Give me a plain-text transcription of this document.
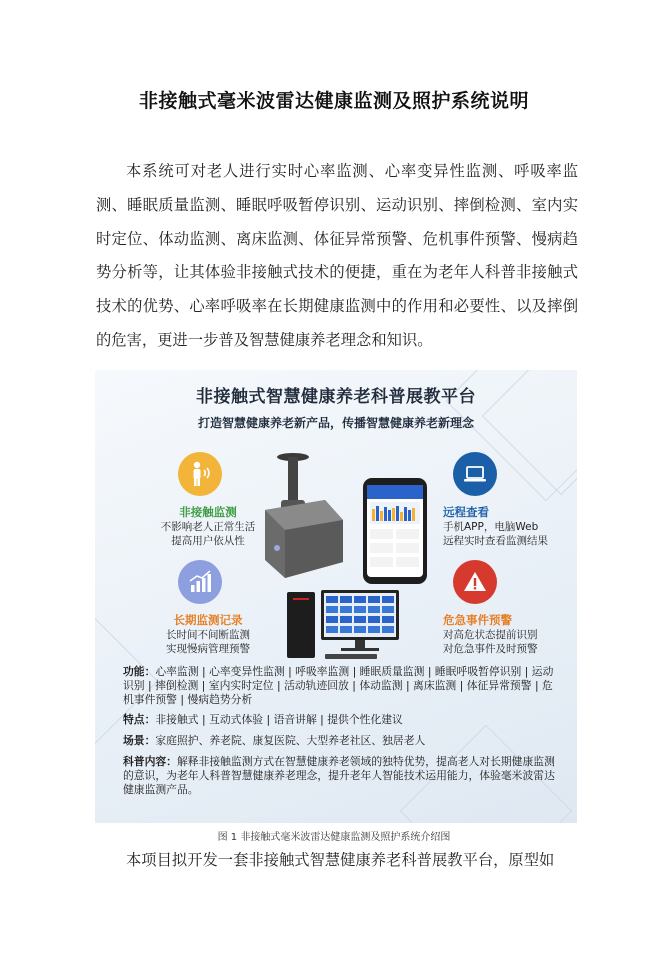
非接触式毫米波雷达健康监测及照护系统说明
本系统可对老人进行实时心率监测、心率变异性监测、呼吸率监测、睡眠质量监测、睡眠呼吸暂停识别、运动识别、摔倒检测、室内实时定位、体动监测、离床监测、体征异常预警、危机事件预警、慢病趋势分析等，让其体验非接触式技术的便捷，重在为老年人科普非接触式技术的优势、心率呼吸率在长期健康监测中的作用和必要性、以及摔倒的危害，更进一步普及智慧健康养老理念和知识。
非接触式智慧健康养老科普展教平台
打造智慧健康养老新产品，传播智慧健康养老新理念
非接触监测
不影响老人正常生活
提高用户依从性
长期监测记录
长时间不间断监测
实现慢病管理预警
远程查看
手机APP，电脑Web
远程实时查看监测结果
危急事件预警
对高危状态提前识别
对危急事件及时预警
功能：心率监测 | 心率变异性监测 | 呼吸率监测 | 睡眠质量监测 | 睡眠呼吸暂停识别 | 运动识别 | 摔倒检测 | 室内实时定位 | 活动轨迹回放 | 体动监测 | 离床监测 | 体征异常预警 | 危机事件预警 | 慢病趋势分析
特点：非接触式 | 互动式体验 | 语音讲解 | 提供个性化建议
场景：家庭照护、养老院、康复医院、大型养老社区、独居老人
科普内容：解释非接触监测方式在智慧健康养老领域的独特优势，提高老人对长期健康监测的意识，为老年人科普智慧健康养老理念，提升老年人智能技术运用能力，体验毫米波雷达健康监测产品。
图 1 非接触式毫米波雷达健康监测及照护系统介绍图
本项目拟开发一套非接触式智慧健康养老科普展教平台，原型如
